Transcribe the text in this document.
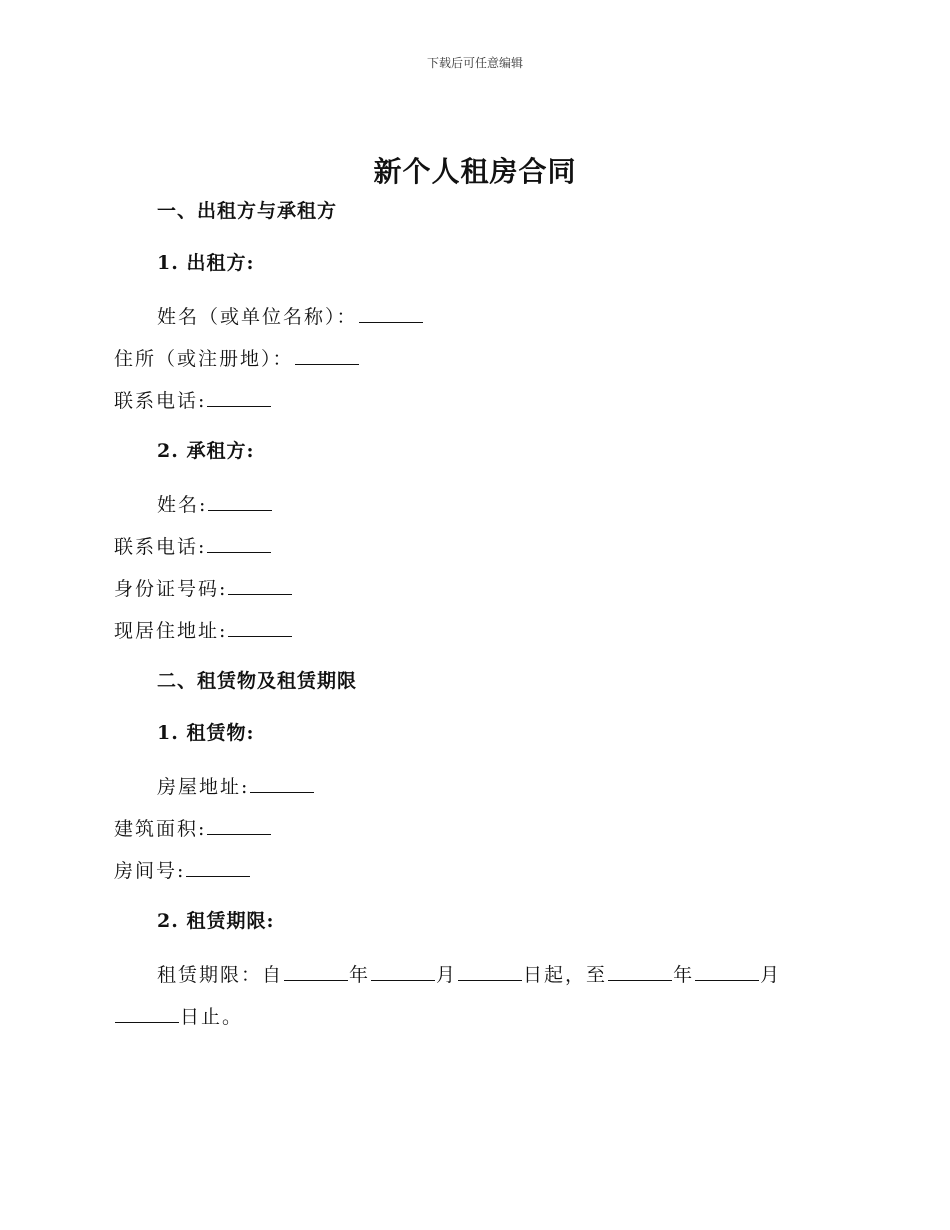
下载后可任意编辑
新个人租房合同
一、出租方与承租方
1. 出租方:
姓名（或单位名称）：
住所（或注册地）：
联系电话:
2. 承租方:
姓名:
联系电话:
身份证号码:
现居住地址:
二、租赁物及租赁期限
1. 租赁物:
房屋地址:
建筑面积:
房间号:
2. 租赁期限:
租赁期限：自	年	月	日起，至	年	月
日止。
